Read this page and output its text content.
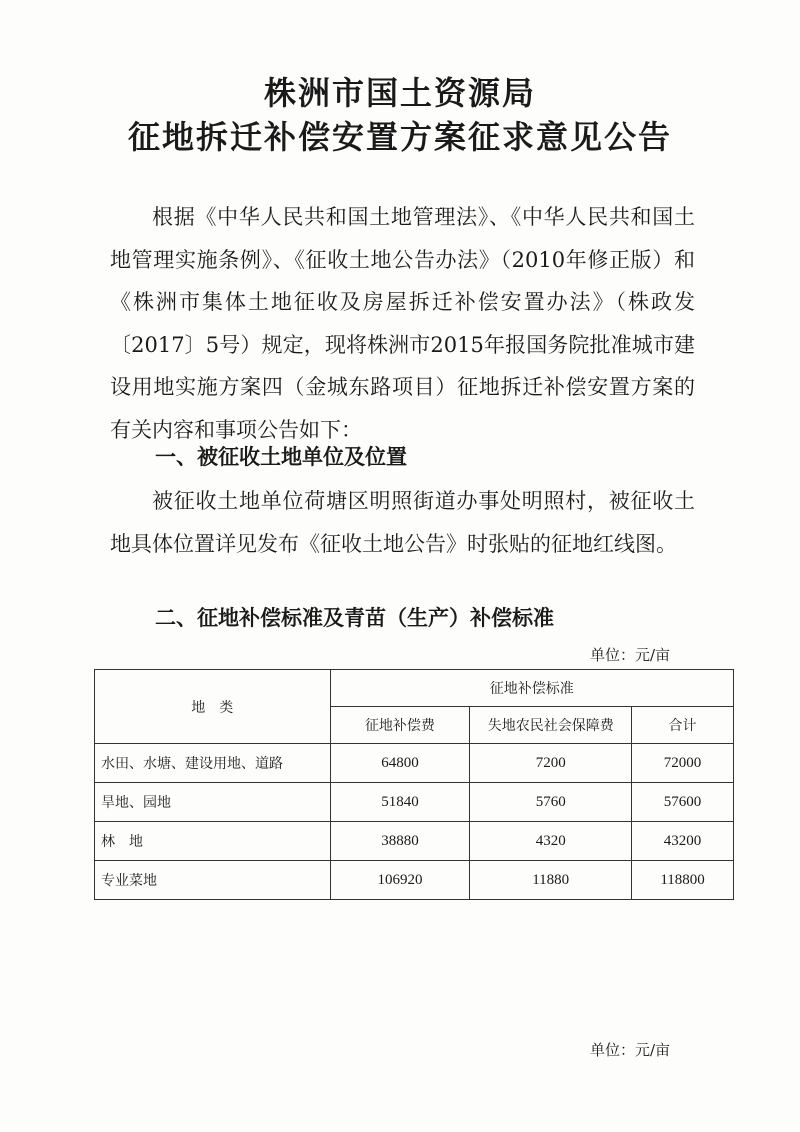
株洲市国土资源局
征地拆迁补偿安置方案征求意见公告

根据《中华人民共和国土地管理法》、《中华人民共和国土地管理实施条例》、《征收土地公告办法》（2010年修正版）和《株洲市集体土地征收及房屋拆迁补偿安置办法》（株政发〔2017〕5号）规定，现将株洲市2015年报国务院批准城市建设用地实施方案四（金城东路项目）征地拆迁补偿安置方案的有关内容和事项公告如下：

一、被征收土地单位及位置

被征收土地单位荷塘区明照街道办事处明照村，被征收土地具体位置详见发布《征收土地公告》时张贴的征地红线图。

二、征地补偿标准及青苗（生产）补偿标准
单位：元/亩
地　类	征地补偿标准		
	征地补偿费	失地农民社会保障费	合计
水田、水塘、建设用地、道路	64800	7200	72000
旱地、园地	51840	5760	57600
林　地	38880	4320	43200
专业菜地	106920	11880	118800
单位：元/亩
